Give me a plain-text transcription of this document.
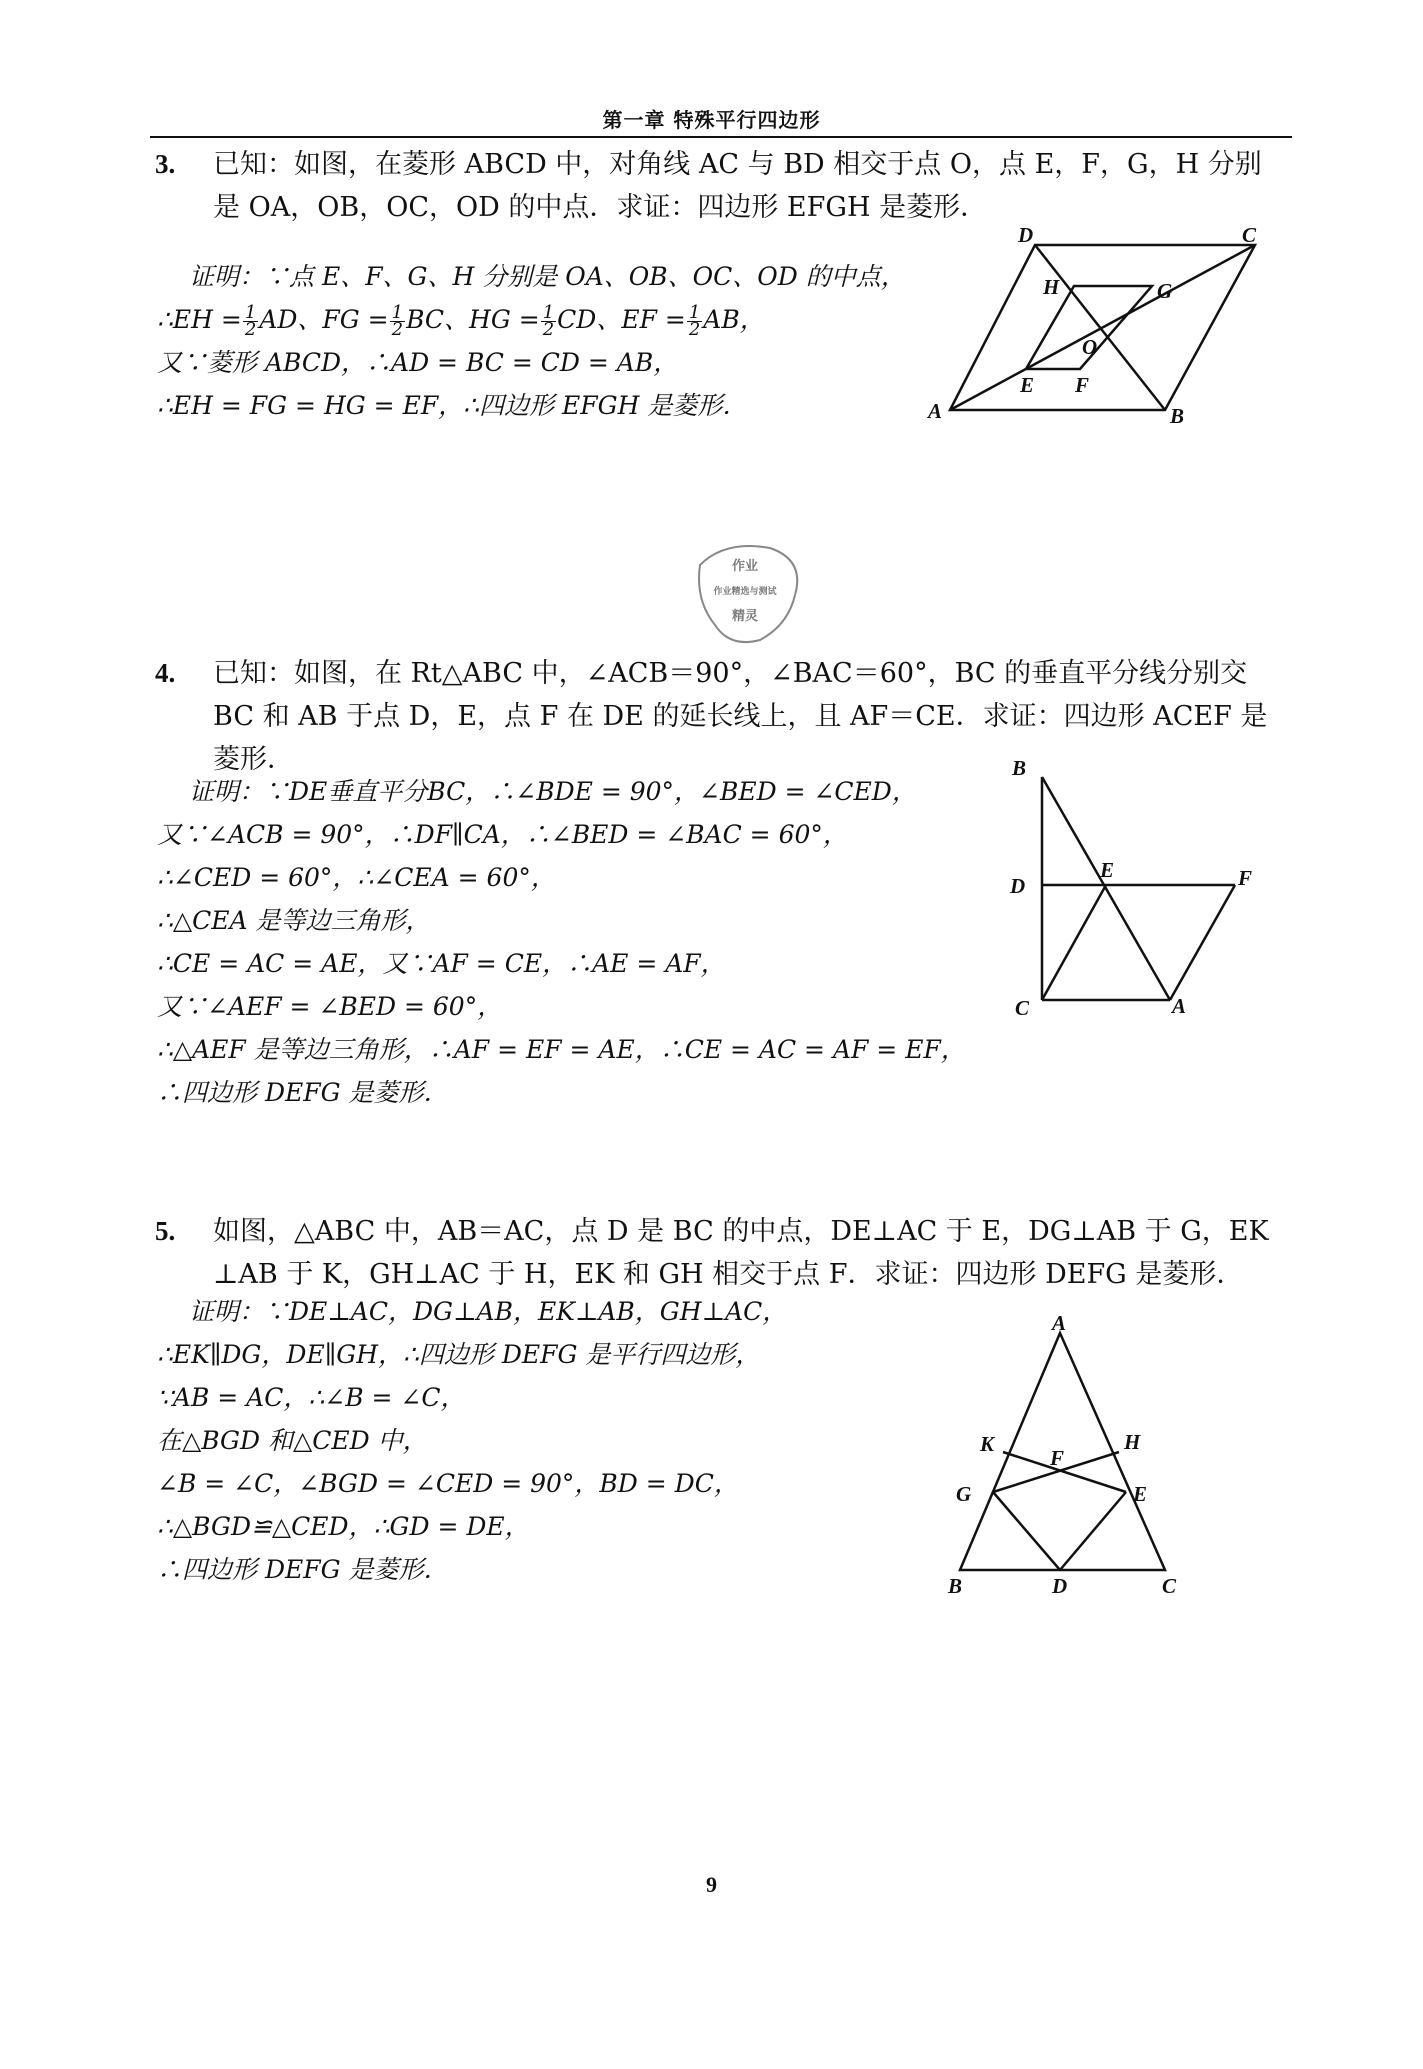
第一章 特殊平行四边形
3. 已知：如图，在菱形 ABCD 中，对角线 AC 与 BD 相交于点 O，点 E，F，G，H 分别
是 OA，OB，OC，OD 的中点．求证：四边形 EFGH 是菱形．
证明：∵点 E、F、G、H 分别是 OA、OB、OC、OD 的中点，
∴EH = $\frac{1}{2}$ AD、FG = $\frac{1}{2}$ BC、HG = $\frac{1}{2}$ CD、EF = $\frac{1}{2}$ AB，
又∵菱形 ABCD，∴AD = BC = CD = AB，
∴EH = FG = HG = EF，∴四边形 EFGH 是菱形．	A	B
C
D
E F
G
H
O
作业
作业精选与测试
精灵
4. 已知：如图，在 Rt△ABC 中，∠ACB＝90°，∠BAC＝60°，BC 的垂直平分线分别交
BC 和 AB 于点 D，E，点 F 在 DE 的延长线上，且 AF＝CE．求证：四边形 ACEF 是
菱形．
证明：∵DE垂直平分BC，∴∠BDE = 90°，∠BED = ∠CED，
又∵∠ACB = 90°，∴DF∥CA，∴∠BED = ∠BAC = 60°，
∴∠CED = 60°，∴∠CEA = 60°，
∴△CEA 是等边三角形，
∴CE = AC = AE，又∵AF = CE，∴AE = AF，
又∵∠AEF = ∠BED = 60°，
∴△AEF 是等边三角形，∴AF = EF = AE，∴CE = AC = AF = EF，
∴四边形 DEFG 是菱形．
B
D
E	F
C	A
5. 如图，△ABC 中，AB＝AC，点 D 是 BC 的中点，DE⊥AC 于 E，DG⊥AB 于 G，EK
⊥AB 于 K，GH⊥AC 于 H，EK 和 GH 相交于点 F．求证：四边形 DEFG 是菱形．
证明：∵DE⊥AC，DG⊥AB，EK⊥AB，GH⊥AC，
∴EK∥DG，DE∥GH，∴四边形 DEFG 是平行四边形，
∵AB = AC，∴∠B = ∠C，
在△BGD 和△CED 中，
∠B = ∠C，∠BGD = ∠CED = 90°，BD = DC，
∴△BGD≌△CED，∴GD = DE，
∴四边形 DEFG 是菱形．
A
K	H
F
G	E
B	D	C
9
